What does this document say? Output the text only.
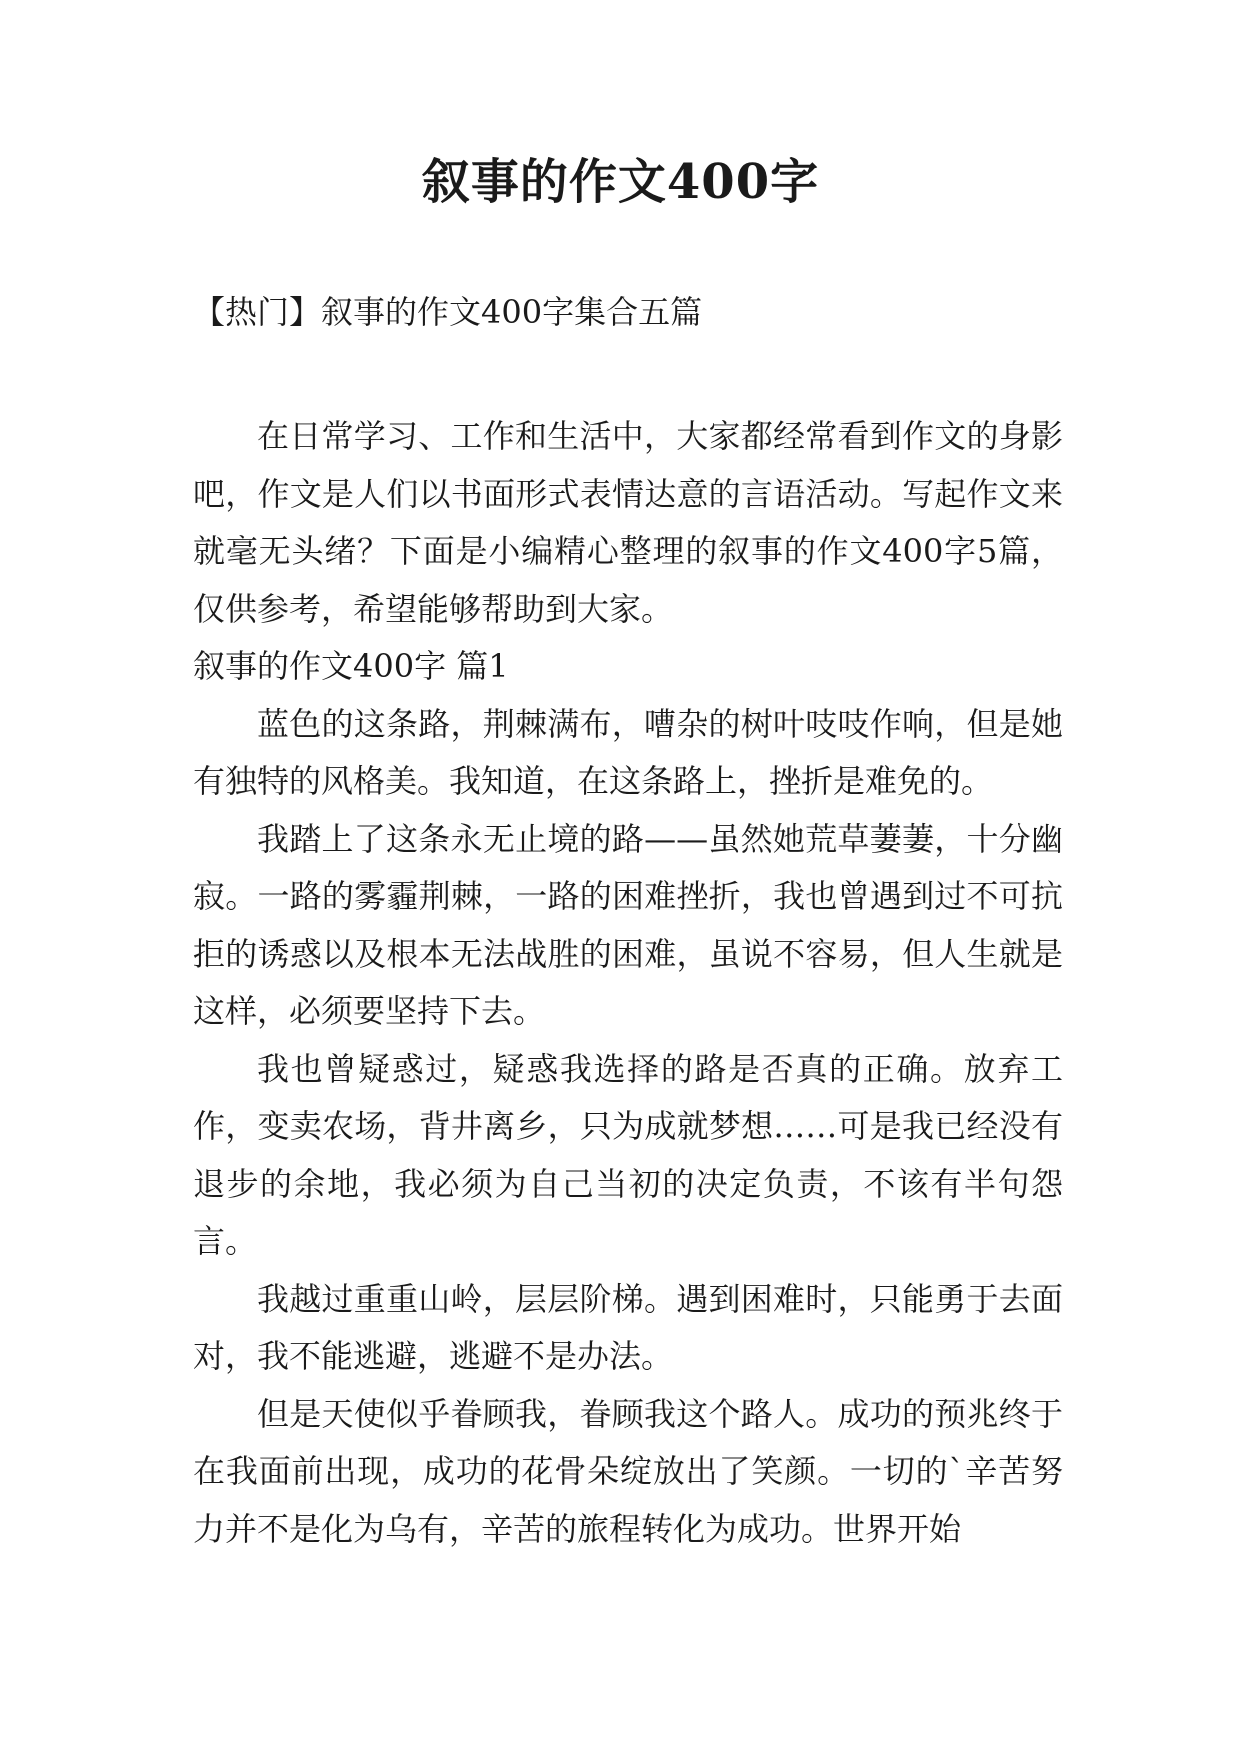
叙事的作文400字

【热门】叙事的作文400字集合五篇

在日常学习、工作和生活中，大家都经常看到作文的身影吧，作文是人们以书面形式表情达意的言语活动。写起作文来就毫无头绪？下面是小编精心整理的叙事的作文400字5篇，仅供参考，希望能够帮助到大家。

叙事的作文400字 篇1

蓝色的这条路，荆棘满布，嘈杂的树叶吱吱作响，但是她有独特的风格美。我知道，在这条路上，挫折是难免的。

我踏上了这条永无止境的路——虽然她荒草萋萋，十分幽寂。一路的雾霾荆棘，一路的困难挫折，我也曾遇到过不可抗拒的诱惑以及根本无法战胜的困难，虽说不容易，但人生就是这样，必须要坚持下去。

我也曾疑惑过，疑惑我选择的路是否真的正确。放弃工作，变卖农场，背井离乡，只为成就梦想……可是我已经没有退步的余地，我必须为自己当初的决定负责，不该有半句怨言。

我越过重重山岭，层层阶梯。遇到困难时，只能勇于去面对，我不能逃避，逃避不是办法。

但是天使似乎眷顾我，眷顾我这个路人。成功的预兆终于在我面前出现，成功的花骨朵绽放出了笑颜。一切的`辛苦努力并不是化为乌有，辛苦的旅程转化为成功。世界开始
